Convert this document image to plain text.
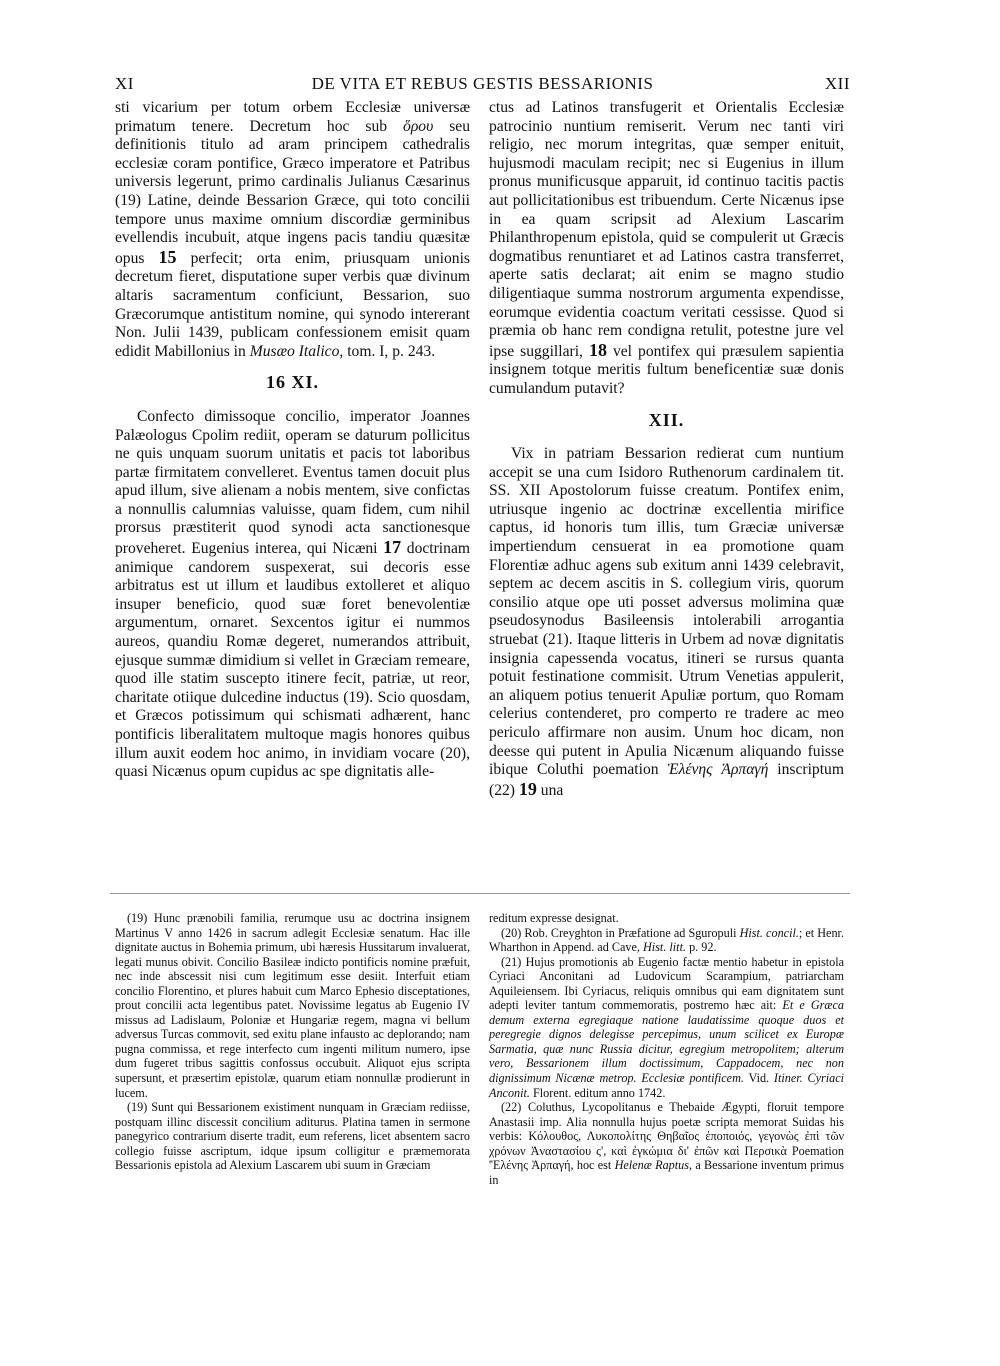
XI	DE VITA ET REBUS GESTIS BESSARIONIS	XII

sti vicarium per totum orbem Ecclesiæ universæ primatum tenere. Decretum hoc sub ὅρου seu definitionis titulo ad aram principem cathedralis ecclesiæ coram pontifice, Græco imperatore et Patribus universis legerunt, primo cardinalis Julianus Cæsarinus (19) Latine, deinde Bessarion Græce, qui toto concilii tempore unus maxime omnium discordiæ germinibus evellendis incubuit, atque ingens pacis tandiu quæsitæ opus 15 perfecit; orta enim, priusquam unionis decretum fieret, disputatione super verbis quæ divinum altaris sacramentum conficiunt, Bessarion, suo Græcorumque antistitum nomine, qui synodo intererant Non. Julii 1439, publicam confessionem emisit quam edidit Mabillonius in Musæo Italico, tom. I, p. 243.

16 XI.

Confecto dimissoque concilio, imperator Joannes Palæologus Cpolim rediit, operam se daturum pollicitus ne quis unquam suorum unitatis et pacis tot laboribus partæ firmitatem convelleret. Eventus tamen docuit plus apud illum, sive alienam a nobis mentem, sive confictas a nonnullis calumnias valuisse, quam fidem, cum nihil prorsus præstiterit quod synodi acta sanctionesque proveheret. Eugenius interea, qui Nicæni 17 doctrinam animique candorem suspexerat, sui decoris esse arbitratus est ut illum et laudibus extolleret et aliquo insuper beneficio, quod suæ foret benevolentiæ argumentum, ornaret. Sexcentos igitur ei nummos aureos, quandiu Romæ degeret, numerandos attribuit, ejusque summæ dimidium si vellet in Græciam remeare, quod ille statim suscepto itinere fecit, patriæ, ut reor, charitate otiique dulcedine inductus (19). Scio quosdam, et Græcos potissimum qui schismati adhærent, hanc pontificis liberalitatem multoque magis honores quibus illum auxit eodem hoc animo, in invidiam vocare (20), quasi Nicænus opum cupidus ac spe dignitatis alle-

ctus ad Latinos transfugerit et Orientalis Ecclesiæ patrocinio nuntium remiserit. Verum nec tanti viri religio, nec morum integritas, quæ semper enituit, hujusmodi maculam recipit; nec si Eugenius in illum pronus munificusque apparuit, id continuo tacitis pactis aut pollicitationibus est tribuendum. Certe Nicænus ipse in ea quam scripsit ad Alexium Lascarim Philanthropenum epistola, quid se compulerit ut Græcis dogmatibus renuntiaret et ad Latinos castra transferret, aperte satis declarat; ait enim se magno studio diligentiaque summa nostrorum argumenta expendisse, eorumque evidentia coactum veritati cessisse. Quod si præmia ob hanc rem condigna retulit, potestne jure vel ipse suggillari, 18 vel pontifex qui præsulem sapientia insignem totque meritis fultum beneficentiæ suæ donis cumulandum putavit?

XII.

Vix in patriam Bessarion redierat cum nuntium accepit se una cum Isidoro Ruthenorum cardinalem tit. SS. XII Apostolorum fuisse creatum. Pontifex enim, utriusque ingenio ac doctrinæ excellentia mirifice captus, id honoris tum illis, tum Græciæ universæ impertiendum censuerat in ea promotione quam Florentiæ adhuc agens sub exitum anni 1439 celebravit, septem ac decem ascitis in S. collegium viris, quorum consilio atque ope uti posset adversus molimina quæ pseudosynodus Basileensis intolerabili arrogantia struebat (21). Itaque litteris in Urbem ad novæ dignitatis insignia capessenda vocatus, itineri se rursus quanta potuit festinatione commisit. Utrum Venetias appulerit, an aliquem potius tenuerit Apuliæ portum, quo Romam celerius contenderet, pro comperto re tradere ac meo periculo affirmare non ausim. Unum hoc dicam, non deesse qui putent in Apulia Nicænum aliquando fuisse ibique Coluthi poemation Ἑλένης Ἁρπαγή inscriptum (22) 19 una

(19) Hunc prænobili familia, rerumque usu ac doctrina insignem Martinus V anno 1426 in sacrum adlegit Ecclesiæ senatum. Hac ille dignitate auctus in Bohemia primum, ubi hæresis Hussitarum invaluerat, legati munus obivit. Concilio Basileæ indicto pontificis nomine præfuit, nec inde abscessit nisi cum legitimum esse desiit. Interfuit etiam concilio Florentino, et plures habuit cum Marco Ephesio disceptationes, prout concilii acta legentibus patet. Novissime legatus ab Eugenio IV missus ad Ladislaum, Poloniæ et Hungariæ regem, magna vi bellum adversus Turcas commovit, sed exitu plane infausto ac deplorando; nam pugna commissa, et rege interfecto cum ingenti militum numero, ipse dum fugeret tribus sagittis confossus occubuit. Aliquot ejus scripta supersunt, et præsertim epistolæ, quarum etiam nonnullæ prodierunt in lucem.

(19) Sunt qui Bessarionem existiment nunquam in Græciam rediisse, postquam illinc discessit concilium aditurus. Platina tamen in sermone panegyrico contrarium diserte tradit, eum referens, licet absentem sacro collegio fuisse ascriptum, idque ipsum colligitur e præmemorata Bessarionis epistola ad Alexium Lascarem ubi suum in Græciam

reditum expresse designat.

(20) Rob. Creyghton in Præfatione ad Sguropuli Hist. concil.; et Henr. Wharthon in Append. ad Cave, Hist. litt. p. 92.

(21) Hujus promotionis ab Eugenio factæ mentio habetur in epistola Cyriaci Anconitani ad Ludovicum Scarampium, patriarcham Aquileiensem. Ibi Cyriacus, reliquis omnibus qui eam dignitatem sunt adepti leviter tantum commemoratis, postremo hæc ait: Et e Græca demum externa egregiaque natione laudatissime quoque duos et peregregie dignos delegisse percepimus, unum scilicet ex Europæ Sarmatia, quæ nunc Russia dicitur, egregium metropolitem; alterum vero, Bessarionem illum doctissimum, Cappadocem, nec non dignissimum Nicænæ metrop. Ecclesiæ pontificem. Vid. Itiner. Cyriaci Anconit. Florent. editum anno 1742.

(22) Coluthus, Lycopolitanus e Thebaide Ægypti, floruit tempore Anastasii imp. Alia nonnulla hujus poetæ scripta memorat Suidas his verbis: Κόλουθος, Λυκοπολίτης Θηβαῖος ἐποποιός, γεγονὼς ἐπὶ τῶν χρόνων Ἀναστασίου ς', καὶ ἐγκώμια δι' ἐπῶν καὶ Περσικὰ Poemation 'Ἑλένης Ἁρπαγή, hoc est Helenæ Raptus, a Bessarione inventum primus in
